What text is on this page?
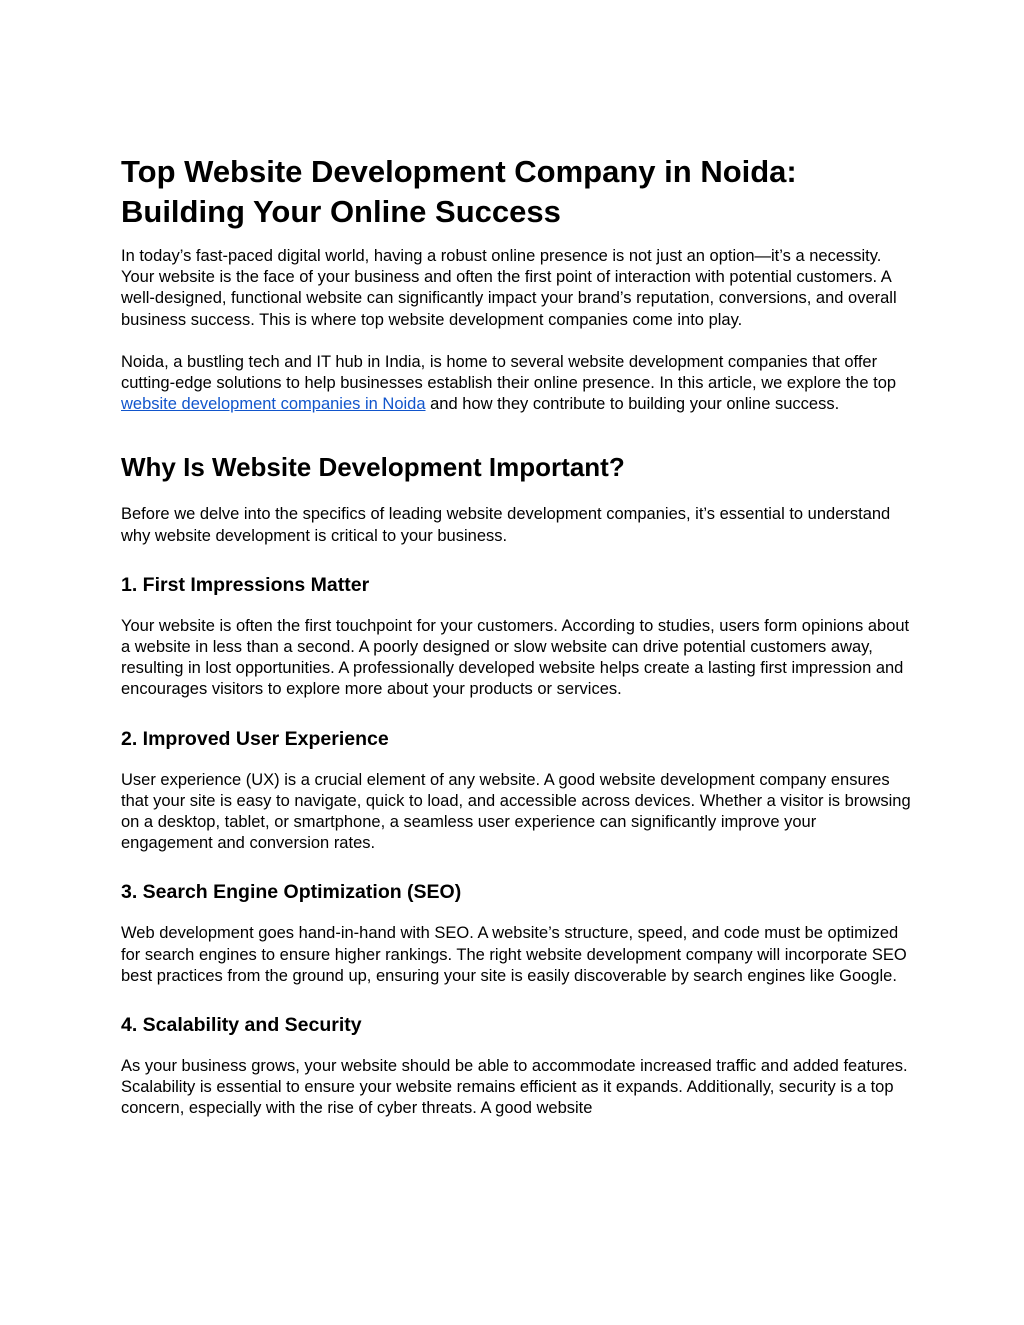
Top Website Development Company in Noida: Building Your Online Success

In today’s fast-paced digital world, having a robust online presence is not just an option—it’s a necessity. Your website is the face of your business and often the first point of interaction with potential customers. A well-designed, functional website can significantly impact your brand’s reputation, conversions, and overall business success. This is where top website development companies come into play.

Noida, a bustling tech and IT hub in India, is home to several website development companies that offer cutting-edge solutions to help businesses establish their online presence. In this article, we explore the top website development companies in Noida and how they contribute to building your online success.

Why Is Website Development Important?

Before we delve into the specifics of leading website development companies, it’s essential to understand why website development is critical to your business.

1. First Impressions Matter

Your website is often the first touchpoint for your customers. According to studies, users form opinions about a website in less than a second. A poorly designed or slow website can drive potential customers away, resulting in lost opportunities. A professionally developed website helps create a lasting first impression and encourages visitors to explore more about your products or services.

2. Improved User Experience

User experience (UX) is a crucial element of any website. A good website development company ensures that your site is easy to navigate, quick to load, and accessible across devices. Whether a visitor is browsing on a desktop, tablet, or smartphone, a seamless user experience can significantly improve your engagement and conversion rates.

3. Search Engine Optimization (SEO)

Web development goes hand-in-hand with SEO. A website’s structure, speed, and code must be optimized for search engines to ensure higher rankings. The right website development company will incorporate SEO best practices from the ground up, ensuring your site is easily discoverable by search engines like Google.

4. Scalability and Security

As your business grows, your website should be able to accommodate increased traffic and added features. Scalability is essential to ensure your website remains efficient as it expands. Additionally, security is a top concern, especially with the rise of cyber threats. A good website
